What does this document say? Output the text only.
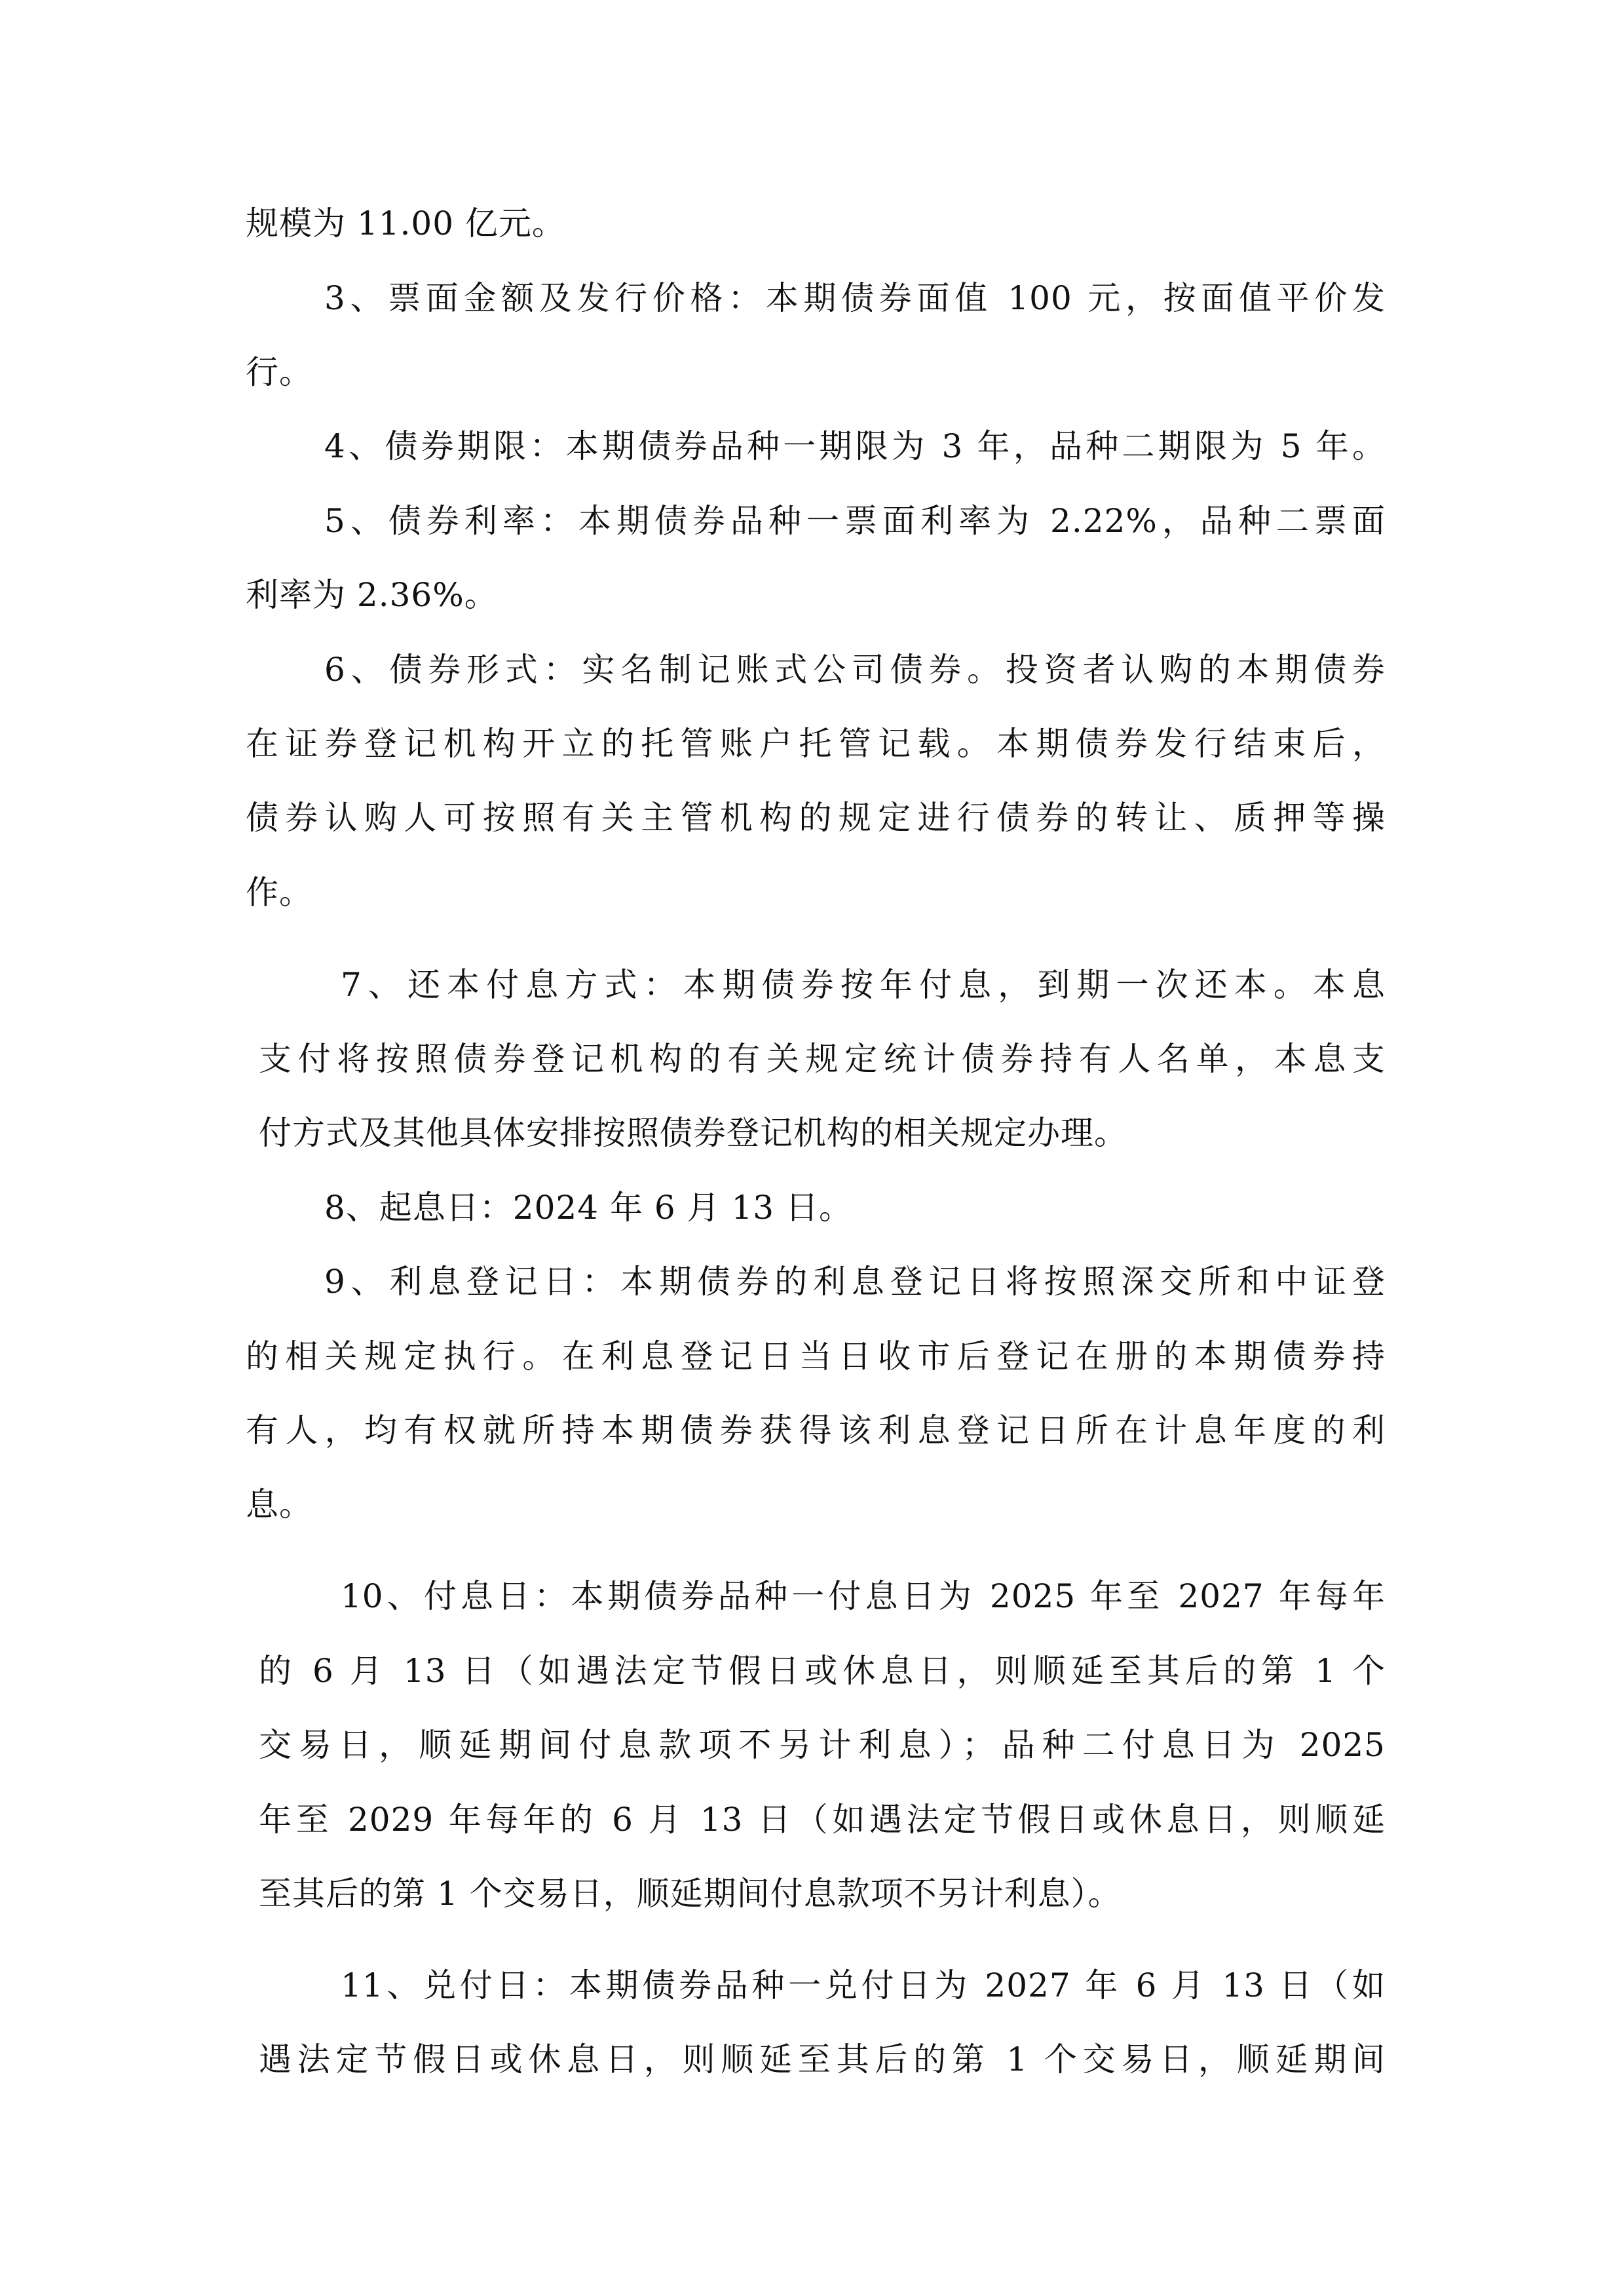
规模为 11.00 亿元。
3、票面金额及发行价格：本期债券面值 100 元，按面值平价发
行。
4、债券期限：本期债券品种一期限为 3 年，品种二期限为 5 年。
5、债券利率：本期债券品种一票面利率为 2.22%，品种二票面
利率为 2.36%。
6、债券形式：实名制记账式公司债券。投资者认购的本期债券
在证券登记机构开立的托管账户托管记载。本期债券发行结束后，
债券认购人可按照有关主管机构的规定进行债券的转让、质押等操
作。
7、还本付息方式：本期债券按年付息，到期一次还本。本息
支付将按照债券登记机构的有关规定统计债券持有人名单，本息支
付方式及其他具体安排按照债券登记机构的相关规定办理。
8、起息日：2024 年 6 月 13 日。
9、利息登记日：本期债券的利息登记日将按照深交所和中证登
的相关规定执行。在利息登记日当日收市后登记在册的本期债券持
有人，均有权就所持本期债券获得该利息登记日所在计息年度的利
息。
10、付息日：本期债券品种一付息日为 2025 年至 2027 年每年
的 6 月 13 日（如遇法定节假日或休息日，则顺延至其后的第 1 个
交易日，顺延期间付息款项不另计利息）；品种二付息日为 2025
年至 2029 年每年的 6 月 13 日（如遇法定节假日或休息日，则顺延
至其后的第 1 个交易日，顺延期间付息款项不另计利息）。
11、兑付日：本期债券品种一兑付日为 2027 年 6 月 13 日（如
遇法定节假日或休息日，则顺延至其后的第 1 个交易日，顺延期间
